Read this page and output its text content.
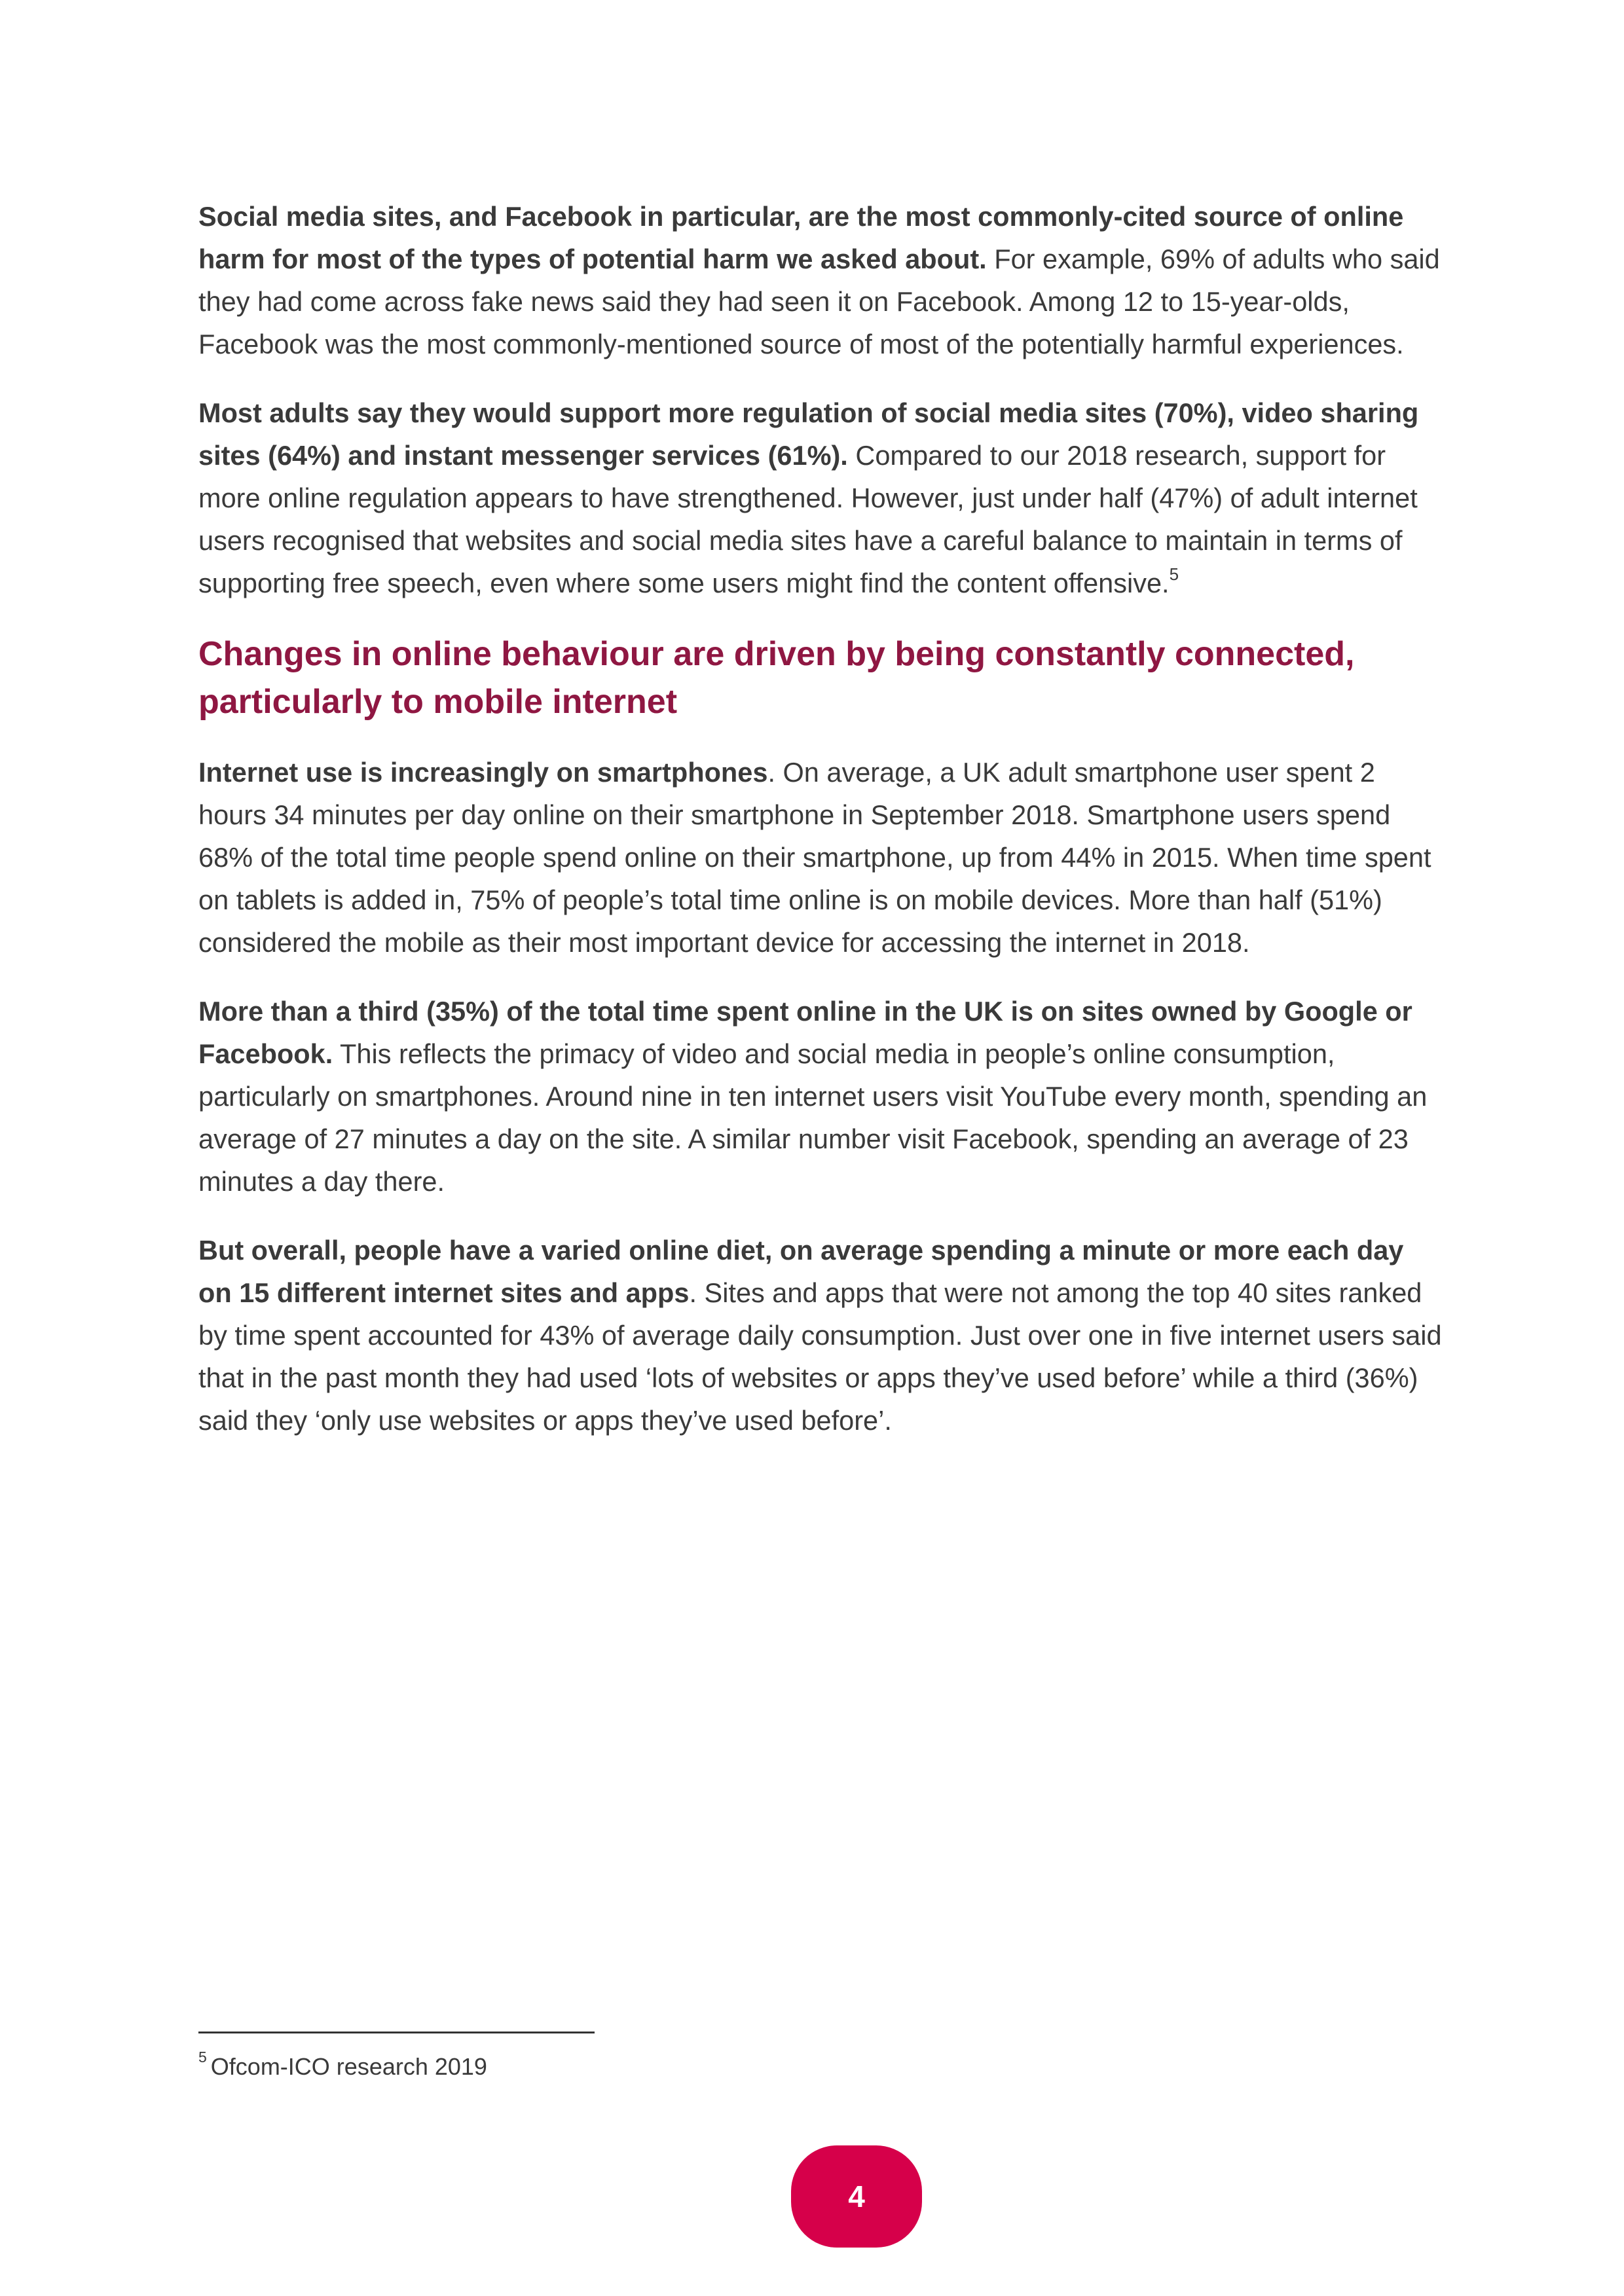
Social media sites, and Facebook in particular, are the most commonly-cited source of online harm for most of the types of potential harm we asked about. For example, 69% of adults who said they had come across fake news said they had seen it on Facebook. Among 12 to 15-year-olds, Facebook was the most commonly-mentioned source of most of the potentially harmful experiences.

Most adults say they would support more regulation of social media sites (70%), video sharing sites (64%) and instant messenger services (61%). Compared to our 2018 research, support for more online regulation appears to have strengthened. However, just under half (47%) of adult internet users recognised that websites and social media sites have a careful balance to maintain in terms of supporting free speech, even where some users might find the content offensive.$^5$

Changes in online behaviour are driven by being constantly connected, particularly to mobile internet

Internet use is increasingly on smartphones. On average, a UK adult smartphone user spent 2 hours 34 minutes per day online on their smartphone in September 2018. Smartphone users spend 68% of the total time people spend online on their smartphone, up from 44% in 2015. When time spent on tablets is added in, 75% of people’s total time online is on mobile devices. More than half (51%) considered the mobile as their most important device for accessing the internet in 2018.

More than a third (35%) of the total time spent online in the UK is on sites owned by Google or Facebook. This reflects the primacy of video and social media in people’s online consumption, particularly on smartphones. Around nine in ten internet users visit YouTube every month, spending an average of 27 minutes a day on the site. A similar number visit Facebook, spending an average of 23 minutes a day there.

But overall, people have a varied online diet, on average spending a minute or more each day on 15 different internet sites and apps. Sites and apps that were not among the top 40 sites ranked by time spent accounted for 43% of average daily consumption. Just over one in five internet users said that in the past month they had used ‘lots of websites or apps they’ve used before’ while a third (36%) said they ‘only use websites or apps they’ve used before’.

$^5$ Ofcom-ICO research 2019
4
